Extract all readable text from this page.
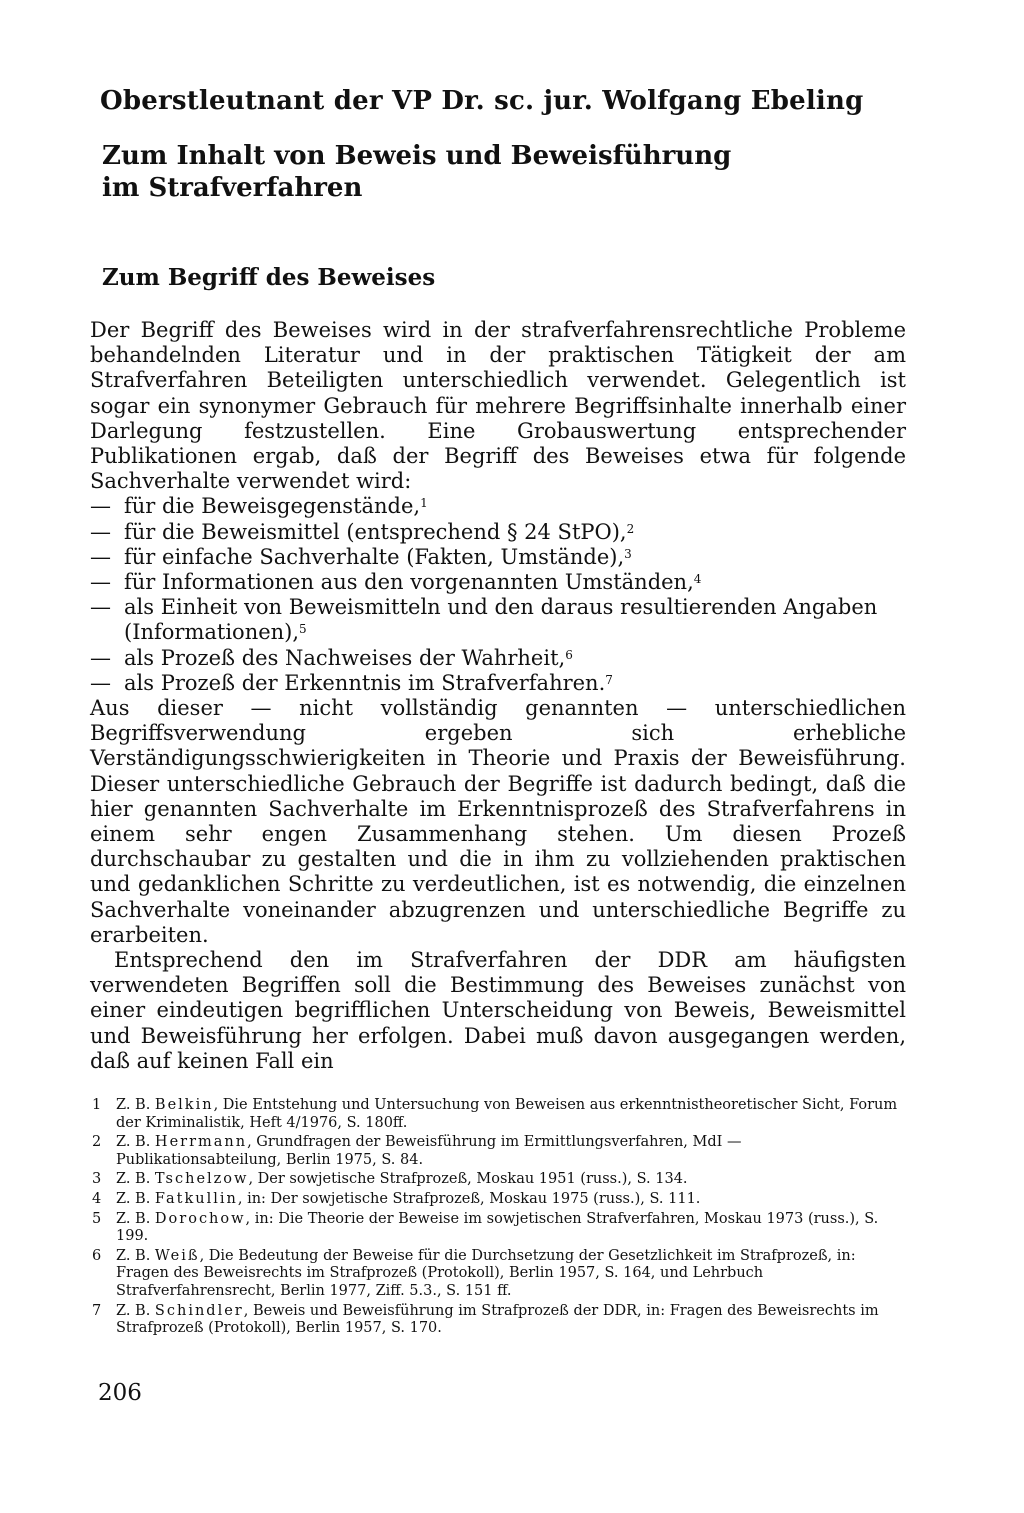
Oberstleutnant der VP Dr. sc. jur. Wolfgang Ebeling
Zum Inhalt von Beweis und Beweisführung
im Strafverfahren
Zum Begriff des Beweises

Der Begriff des Beweises wird in der strafverfahrensrechtliche Probleme behandelnden Literatur und in der praktischen Tätigkeit der am Strafverfahren Beteiligten unterschiedlich verwendet. Gelegentlich ist sogar ein synonymer Gebrauch für mehrere Begriffsinhalte innerhalb einer Darlegung festzustellen. Eine Grobauswertung entsprechender Publikationen ergab, daß der Begriff des Beweises etwa für folgende Sachverhalte verwendet wird:

— für die Beweisgegenstände,$^1$
— für die Beweismittel (entsprechend § 24 StPO),$^2$
— für einfache Sachverhalte (Fakten, Umstände),$^3$
— für Informationen aus den vorgenannten Umständen,$^4$
— als Einheit von Beweismitteln und den daraus resultierenden Angaben (Informationen),$^5$
— als Prozeß des Nachweises der Wahrheit,$^6$
— als Prozeß der Erkenntnis im Strafverfahren.$^7$

Aus dieser — nicht vollständig genannten — unterschiedlichen Begriffsverwendung ergeben sich erhebliche Verständigungsschwierigkeiten in Theorie und Praxis der Beweisführung. Dieser unterschiedliche Gebrauch der Begriffe ist dadurch bedingt, daß die hier genannten Sachverhalte im Erkenntnisprozeß des Strafverfahrens in einem sehr engen Zusammenhang stehen. Um diesen Prozeß durchschaubar zu gestalten und die in ihm zu vollziehenden praktischen und gedanklichen Schritte zu verdeutlichen, ist es notwendig, die einzelnen Sachverhalte voneinander abzugrenzen und unterschiedliche Begriffe zu erarbeiten.

Entsprechend den im Strafverfahren der DDR am häufigsten verwendeten Begriffen soll die Bestimmung des Beweises zunächst von einer eindeutigen begrifflichen Unterscheidung von Beweis, Beweismittel und Beweisführung her erfolgen. Dabei muß davon ausgegangen werden, daß auf keinen Fall ein

1	Z. B. Belkin, Die Entstehung und Untersuchung von Beweisen aus erkenntnistheoretischer Sicht, Forum der Kriminalistik, Heft 4/1976, S. 180ff.
2	Z. B. Herrmann, Grundfragen der Beweisführung im Ermittlungsverfahren, MdI — Publikationsabteilung, Berlin 1975, S. 84.
3	Z. B. Tschelzow, Der sowjetische Strafprozeß, Moskau 1951 (russ.), S. 134.
4	Z. B. Fatkullin, in: Der sowjetische Strafprozeß, Moskau 1975 (russ.), S. 111.
5	Z. B. Dorochow, in: Die Theorie der Beweise im sowjetischen Strafverfahren, Moskau 1973 (russ.), S. 199.
6	Z. B. Weiß, Die Bedeutung der Beweise für die Durchsetzung der Gesetzlichkeit im Strafprozeß, in: Fragen des Beweisrechts im Strafprozeß (Protokoll), Berlin 1957, S. 164, und Lehrbuch Strafverfahrensrecht, Berlin 1977, Ziff. 5.3., S. 151 ff.
7	Z. B. Schindler, Beweis und Beweisführung im Strafprozeß der DDR, in: Fragen des Beweisrechts im Strafprozeß (Protokoll), Berlin 1957, S. 170.
206
